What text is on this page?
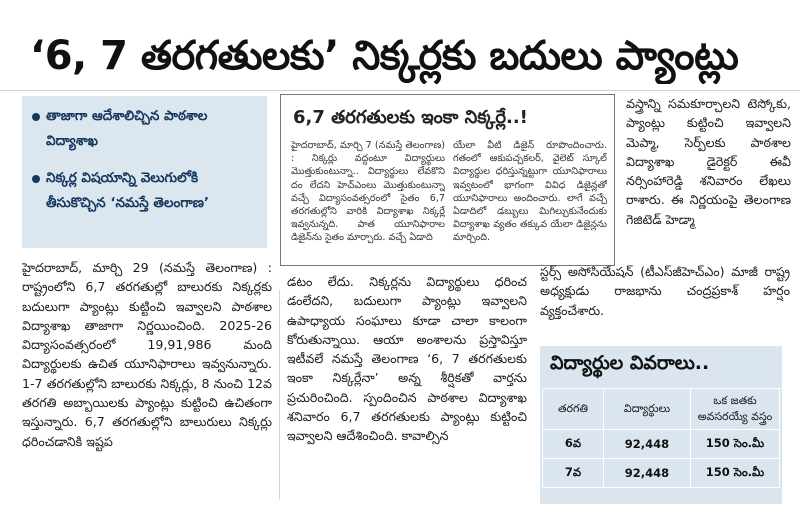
‘6, 7 తరగతులకు’ నిక్కర్లకు బదులు ప్యాంట్లు
తాజాగా ఆదేశాలిచ్చిన పాఠశాల విద్యాశాఖ
నిక్కర్ల విషయాన్ని వెలుగులోకి తీసుకొచ్చిన ‘నమస్తే తెలంగాణ’

హైదరాబాద్‌, మార్చి 29 (నమస్తే తెలంగాణ) : రాష్ట్రంలోని 6,7 తరగతుల్లో బాలురకు నిక్కర్లకు బదులుగా ప్యాంట్లు కుట్టించి ఇవ్వాలని పాఠశాల విద్యాశాఖ తాజాగా నిర్ణయించింది. 2025-26 విద్యాసంవత్సరంలో 19,91,986 మంది విద్యార్థులకు ఉచిత యూనిఫారాలు ఇవ్వనున్నారు. 1-7 తరగతుల్లోని బాలురకు నిక్కర్లు, 8 నుంచి 12వ తరగతి అబ్బాయిలకు ప్యాంట్లు కుట్టించి ఉచితంగా ఇస్తున్నారు. 6,7 తరగతుల్లోని బాలురులు నిక్కర్లు ధరించడానికి ఇష్టప

6,7 తరగతులకు ఇంకా నిక్కర్లే..!
హైదరాబాద్‌, మార్చి 7 (నమస్తే తెలంగాణ) : నిక్కర్లు వద్దంటూ విద్యార్థులు మొత్తుకుంటున్నా.. విద్యార్థులు లేవకొని దం లేదని హెచ్‌ఎంలు మొత్తుకుంటున్నా వచ్చే విద్యాసంవత్సరంలో సైతం 6,7 తరగతుల్లోని వారికి విద్యాశాఖ నిక్కర్లే ఇవ్వనున్నది. పాత యూనిఫారాల డిజైన్‌ను సైతం మార్చారు. వచ్చే ఏడాది
యేలా వీటి డిజైన్‌ రూపొందించారు. గతంలో ఆకుపచ్చకలర్‌, వైలెట్‌ స్కూల్‌ విద్యార్థుల ధరిస్తున్నట్టుగా యూనిఫారాలు ఇవ్వటంలో భాగంగా వివిధ డిజైన్లతో యూనిఫారాలు అందించారు. లాగే వచ్చే ఏడాదిలో డబ్బులు మిగిల్చుకునేందుకు విద్యాశాఖ వ్యతం తక్కువ యేలా డిజైన్లను మార్చింది.

డటం లేదు. నిక్కర్లను విద్యార్థులు ధరించ డంలేదని, బదులుగా ప్యాంట్లు ఇవ్వాలని ఉపాధ్యాయ సంఘాలు కూడా చాలా కాలంగా కోరుతున్నాయి. ఆయా అంశాలను ప్రస్తావిస్తూ ఇటీవలే నమస్తే తెలంగాణ ‘6, 7 తరగతులకు ఇంకా నిక్కర్లేనా’ అన్న శీర్షికతో వార్తను ప్రచురించింది. స్పందించిన పాఠశాల విద్యాశాఖ శనివారం 6,7 తరగతులకు ప్యాంట్లు కుట్టించి ఇవ్వాలని ఆదేశించింది. కావాల్సిన

వస్త్రాన్ని సమకూర్చాలని టెస్కోకు, ప్యాంట్లు కుట్టించి ఇవ్వాలని మెప్మా, సెర్ప్‌లకు పాఠశాల విద్యాశాఖ డైరెక్టర్‌ ఈవీ నర్సింహారెడ్డి శనివారం లేఖలు రాశారు. ఈ నిర్ణయంపై తెలంగాణ గెజిటెడ్‌ హెడ్మా

స్టర్స్‌ అసోసియేషన్‌ (టీఎస్‌జీహెచ్‌ఎం) మాజీ రాష్ట్ర అధ్యక్షుడు రాజభాను చంద్రప్రకాశ్‌ హర్షం వ్యక్తంచేశారు.

విద్యార్థుల వివరాలు..
తరగతి	విద్యార్థులు	ఒక జతకు అవసరయ్యే వస్త్రం
6వ	92,448	150 సెం.మీ
7వ	92,448	150 సెం.మీ
